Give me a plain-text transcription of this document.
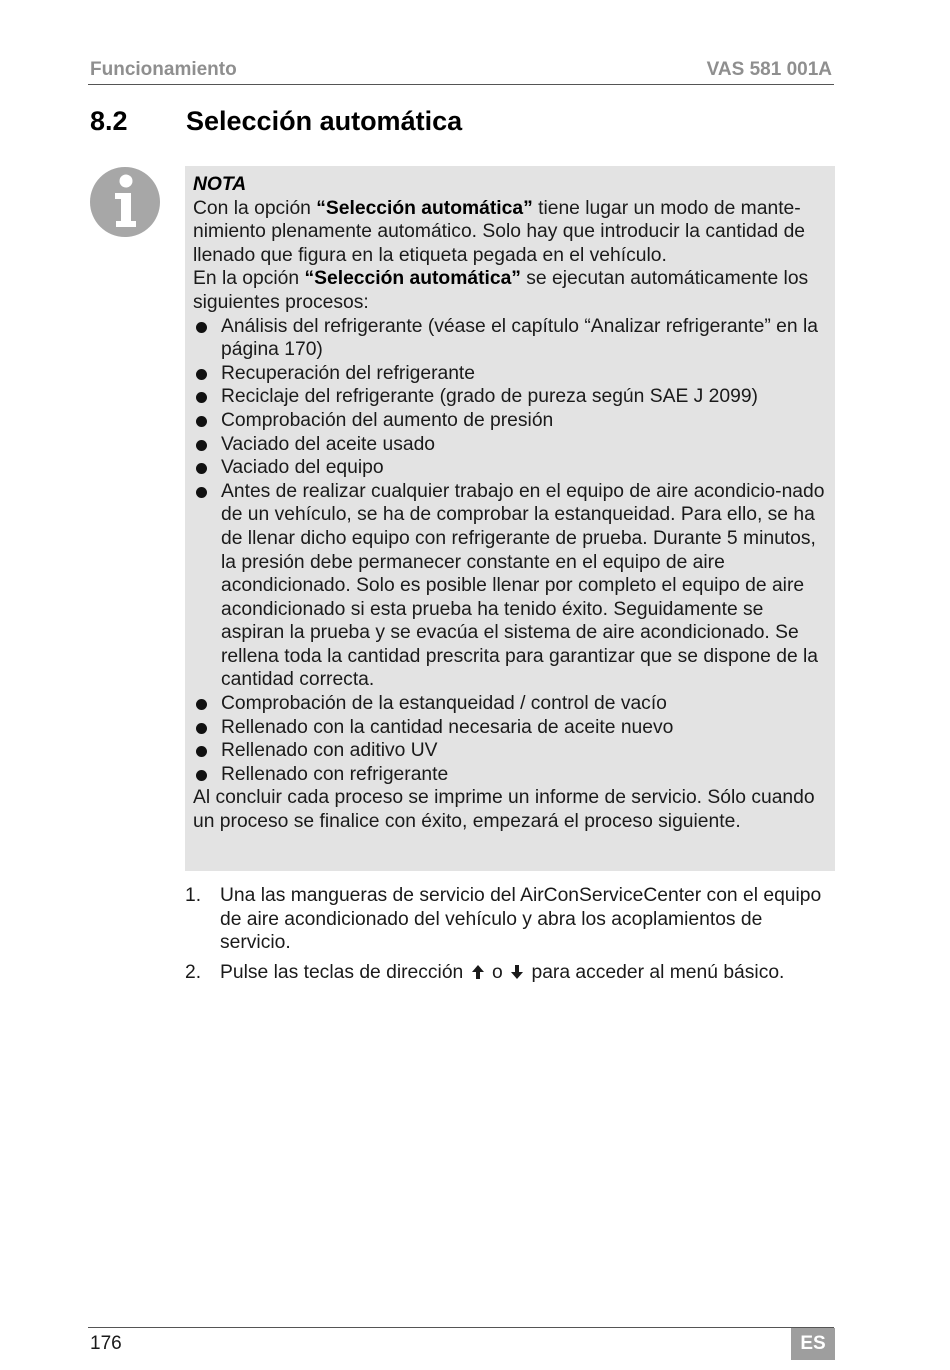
Funcionamiento	VAS 581 001A
8.2 Selección automática

NOTA

Con la opción “Selección automática” tiene lugar un modo de mante-nimiento plenamente automático. Solo hay que introducir la cantidad de llenado que figura en la etiqueta pegada en el vehículo.

En la opción “Selección automática” se ejecutan automáticamente los siguientes procesos:

Análisis del refrigerante (véase el capítulo “Analizar refrigerante” en la página 170)
Recuperación del refrigerante
Reciclaje del refrigerante (grado de pureza según SAE J 2099)
Comprobación del aumento de presión
Vaciado del aceite usado
Vaciado del equipo
Antes de realizar cualquier trabajo en el equipo de aire acondicio-nado de un vehículo, se ha de comprobar la estanqueidad. Para ello, se ha de llenar dicho equipo con refrigerante de prueba. Durante 5 minutos, la presión debe permanecer constante en el equipo de aire acondicionado. Solo es posible llenar por completo el equipo de aire acondicionado si esta prueba ha tenido éxito. Seguidamente se aspiran la prueba y se evacúa el sistema de aire acondicionado. Se rellena toda la cantidad prescrita para garantizar que se dispone de la cantidad correcta.
Comprobación de la estanqueidad / control de vacío
Rellenado con la cantidad necesaria de aceite nuevo
Rellenado con aditivo UV
Rellenado con refrigerante

Al concluir cada proceso se imprime un informe de servicio. Sólo cuando un proceso se finalice con éxito, empezará el proceso siguiente.

1. Una las mangueras de servicio del AirConServiceCenter con el equipo de aire acondicionado del vehículo y abra los acoplamientos de servicio.
2. Pulse las teclas de dirección o para acceder al menú básico.
176	ES
